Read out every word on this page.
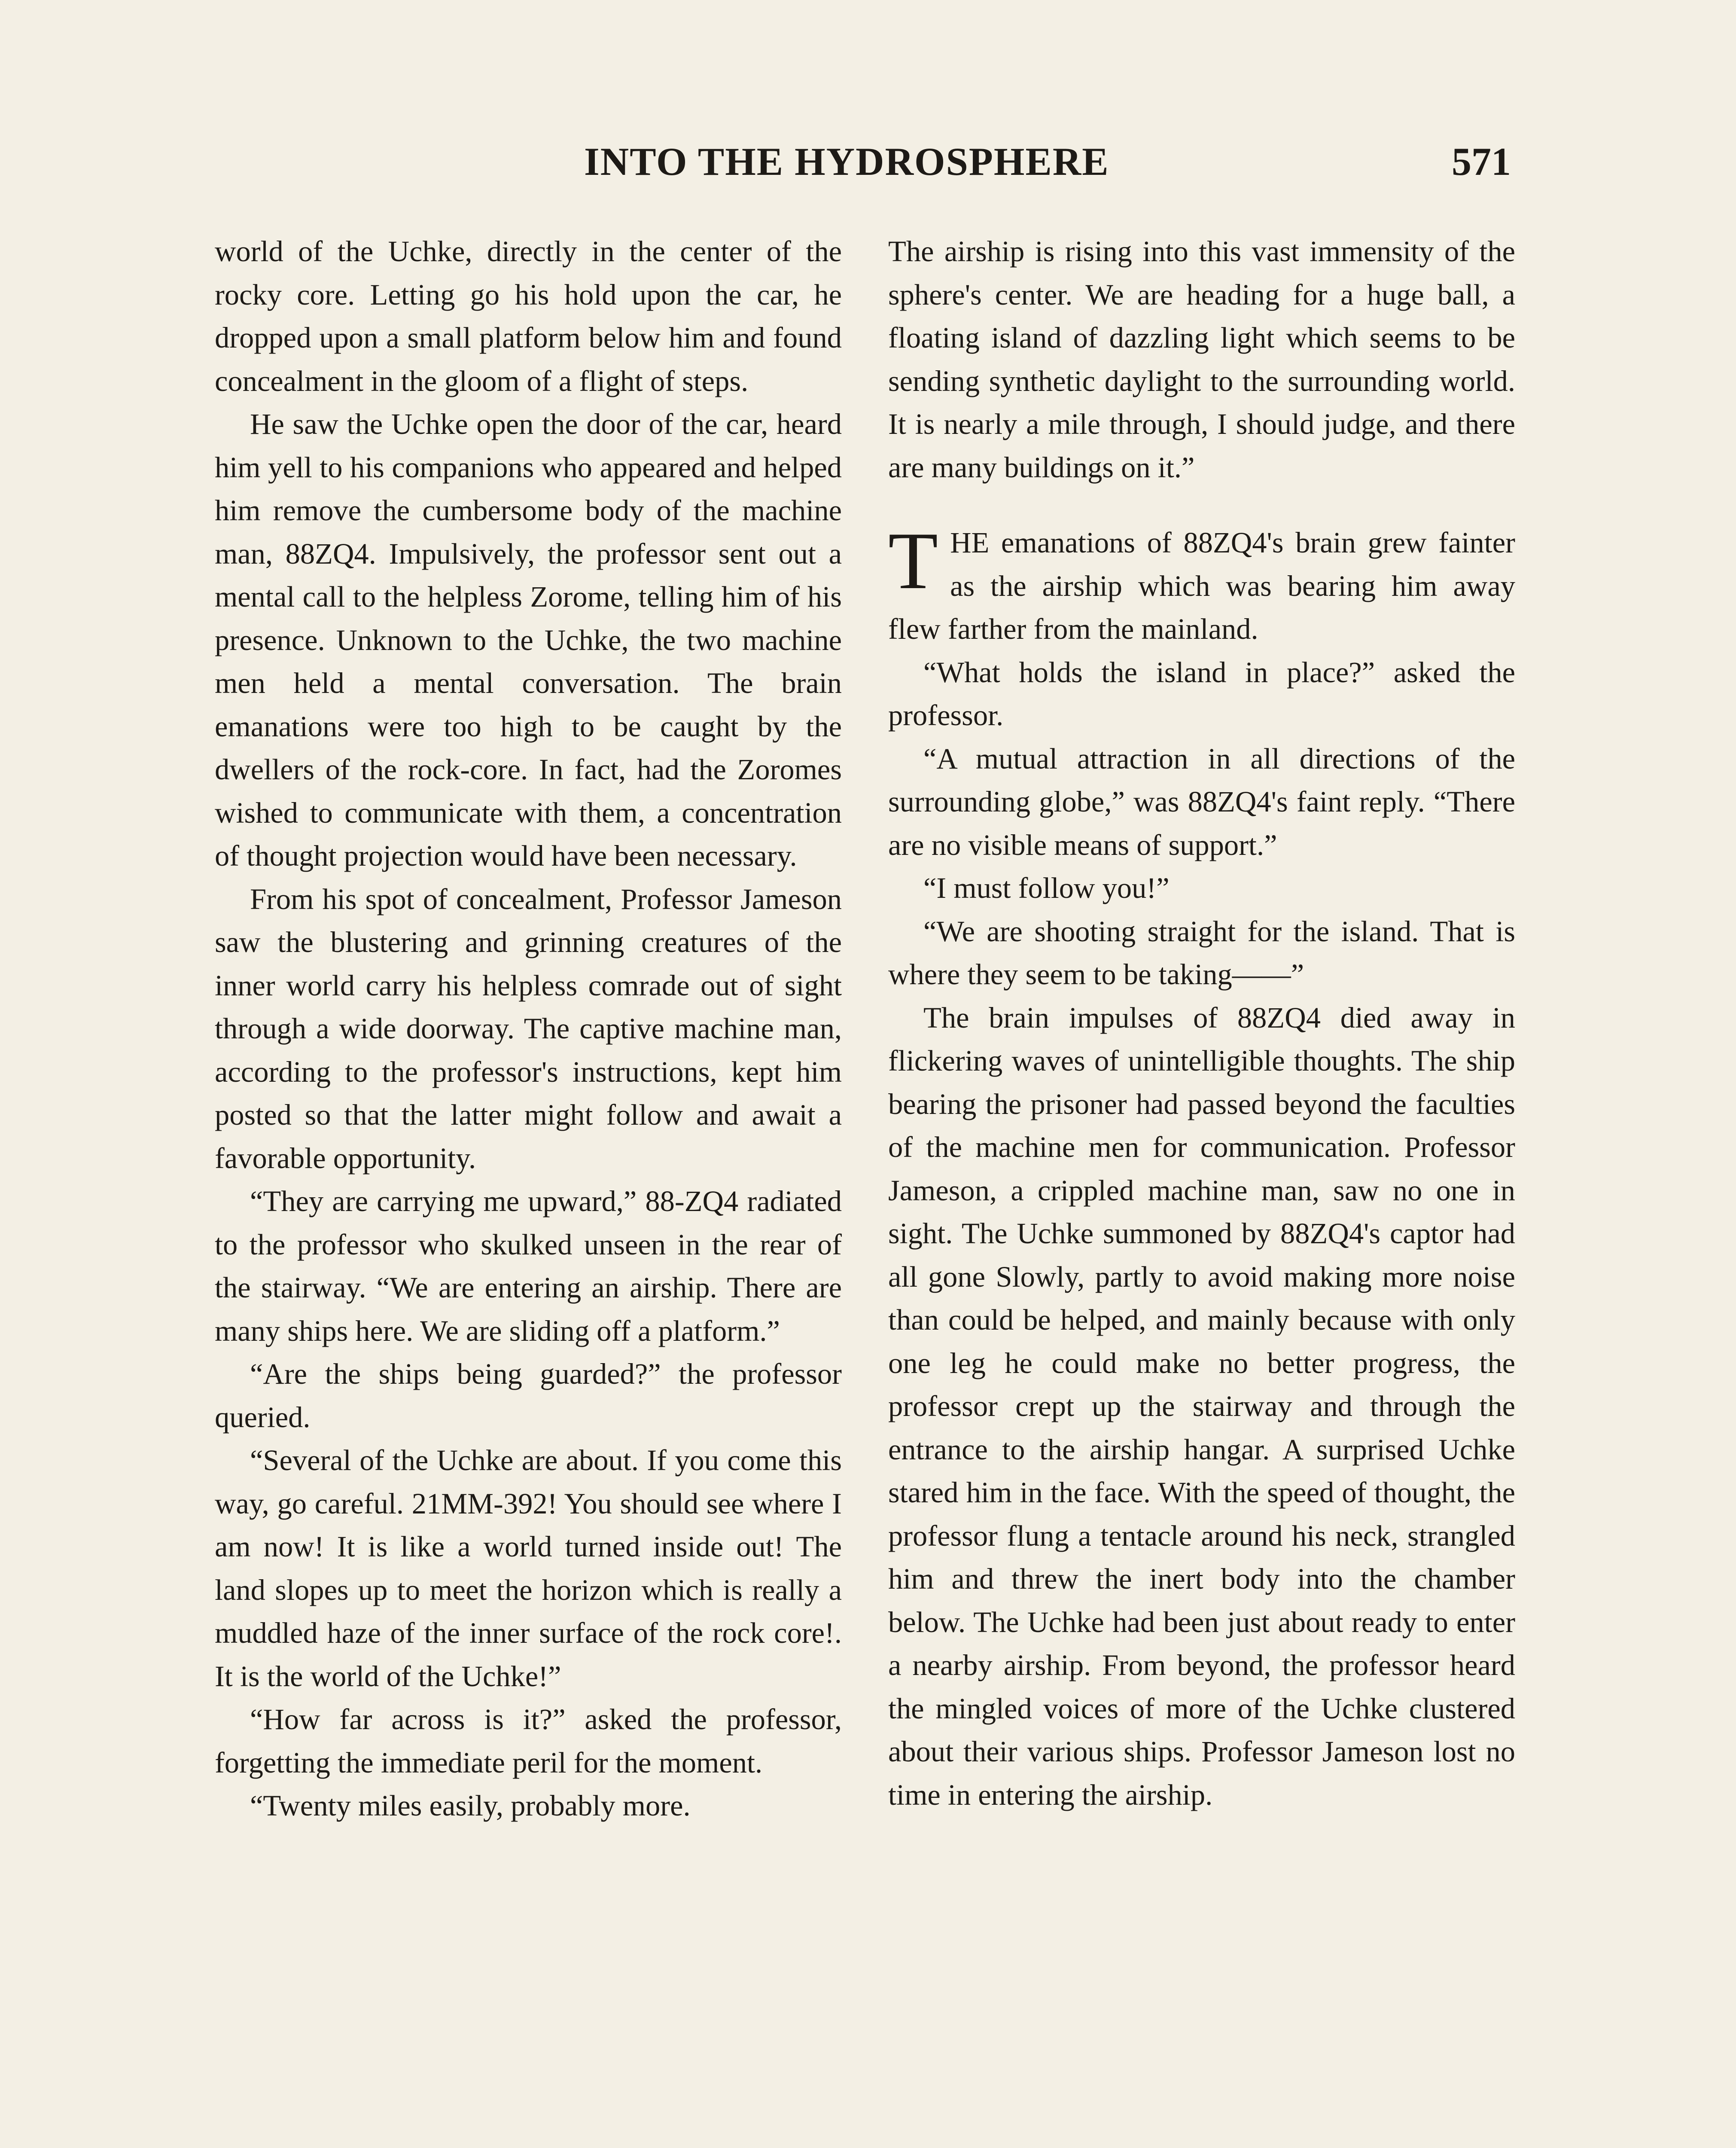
INTO THE HYDROSPHERE	571

world of the Uchke, directly in the center of the rocky core. Letting go his hold upon the car, he dropped upon a small platform below him and found concealment in the gloom of a flight of steps.

He saw the Uchke open the door of the car, heard him yell to his companions who appeared and helped him remove the cumbersome body of the machine man, 88ZQ4. Impulsively, the professor sent out a mental call to the helpless Zorome, telling him of his presence. Unknown to the Uchke, the two machine men held a mental conversation. The brain emanations were too high to be caught by the dwellers of the rock-core. In fact, had the Zoromes wished to communicate with them, a concentration of thought projection would have been necessary.

From his spot of concealment, Professor Jameson saw the blustering and grinning creatures of the inner world carry his helpless comrade out of sight through a wide doorway. The captive machine man, according to the professor's instructions, kept him posted so that the latter might follow and await a favorable opportunity.

“They are carrying me upward,” 88-ZQ4 radiated to the professor who skulked unseen in the rear of the stairway. “We are entering an airship. There are many ships here. We are sliding off a platform.”

“Are the ships being guarded?” the professor queried.

“Several of the Uchke are about. If you come this way, go careful. 21MM-392! You should see where I am now! It is like a world turned inside out! The land slopes up to meet the horizon which is really a muddled haze of the inner surface of the rock core!. It is the world of the Uchke!”

“How far across is it?” asked the professor, forgetting the immediate peril for the moment.

“Twenty miles easily, probably more.

The airship is rising into this vast immensity of the sphere's center. We are heading for a huge ball, a floating island of dazzling light which seems to be sending synthetic daylight to the surrounding world. It is nearly a mile through, I should judge, and there are many buildings on it.”

THE emanations of 88ZQ4's brain grew fainter as the airship which was bearing him away flew farther from the mainland.

“What holds the island in place?” asked the professor.

“A mutual attraction in all directions of the surrounding globe,” was 88ZQ4's faint reply. “There are no visible means of support.”

“I must follow you!”

“We are shooting straight for the island. That is where they seem to be taking——”

The brain impulses of 88ZQ4 died away in flickering waves of unintelligible thoughts. The ship bearing the prisoner had passed beyond the faculties of the machine men for communication. Professor Jameson, a crippled machine man, saw no one in sight. The Uchke summoned by 88ZQ4's captor had all gone Slowly, partly to avoid making more noise than could be helped, and mainly because with only one leg he could make no better progress, the professor crept up the stairway and through the entrance to the airship hangar. A surprised Uchke stared him in the face. With the speed of thought, the professor flung a tentacle around his neck, strangled him and threw the inert body into the chamber below. The Uchke had been just about ready to enter a nearby airship. From beyond, the professor heard the mingled voices of more of the Uchke clustered about their various ships. Professor Jameson lost no time in entering the airship.
